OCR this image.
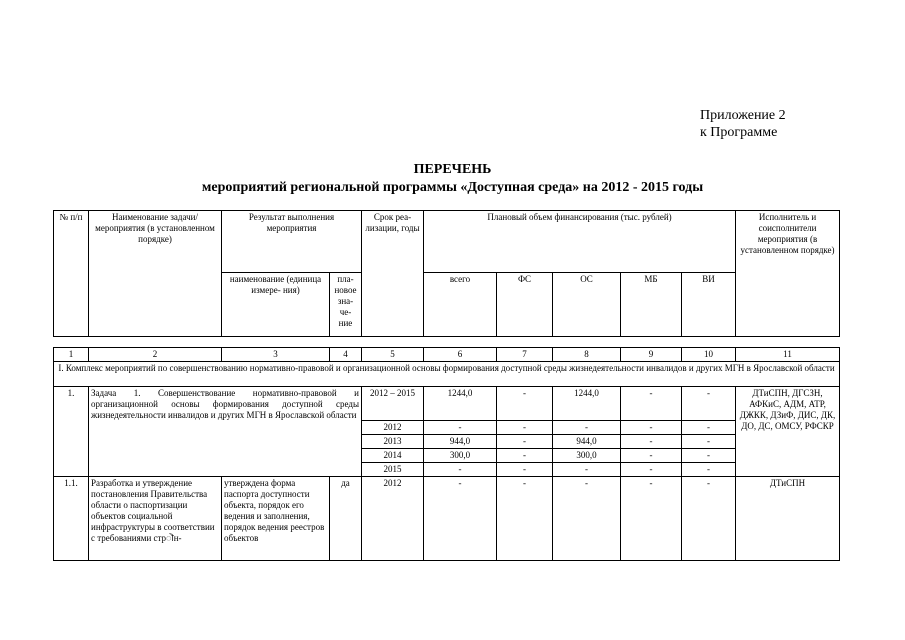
Приложение 2
к Программе
ПЕРЕЧЕНЬ
мероприятий региональной программы «Доступная среда» на 2012 - 2015 годы
№ п/п	Наименование задачи/ мероприятия (в установленном порядке)	Результат выполнения мероприятия		Срок реа- лизации, годы	Плановый объем финансирования (тыс. рублей)					Исполнитель и соисполнители мероприятия (в установленном порядке)
		наименование (единица измере- ния)	пла- новое зна- че- ние		всего	ФС	ОС	МБ	ВИ	
1	2	3	4	5	6	7	8	9	10	11
I. Комплекс мероприятий по совершенствованию нормативно-правовой и организационной основы формирования доступной среды жизнедеятельности инвалидов и других МГН в Ярославской области										
1.	Задача 1. Совершенствование нормативно-правовой и организационной основы формирования доступной среды жизнедеятельности инвалидов и других МГН в Ярославской области			2012 – 2015	1244,0	-	1244,0	-	-	ДТиСПН, ДГСЗН, АФКиС, АДМ, АТР, ДЖКК, ДЗиФ, ДИС, ДК, ДО, ДС, ОМСУ, РФСКР
				2012	-	-	-	-	-	
				2013	944,0	-	944,0	-	-	
				2014	300,0	-	300,0	-	-	
				2015	-	-	-	-	-	
1.1.	Разработка и утверждение постановления Правительства области о паспортизации объектов социальной инфраструктуры в соответствии с требованиями стрॊн-	утверждена форма паспорта доступности объекта, порядок его ведения и заполнения, порядок ведения реестров объектов	да	2012	-	-	-	-	-	ДТиСПН
